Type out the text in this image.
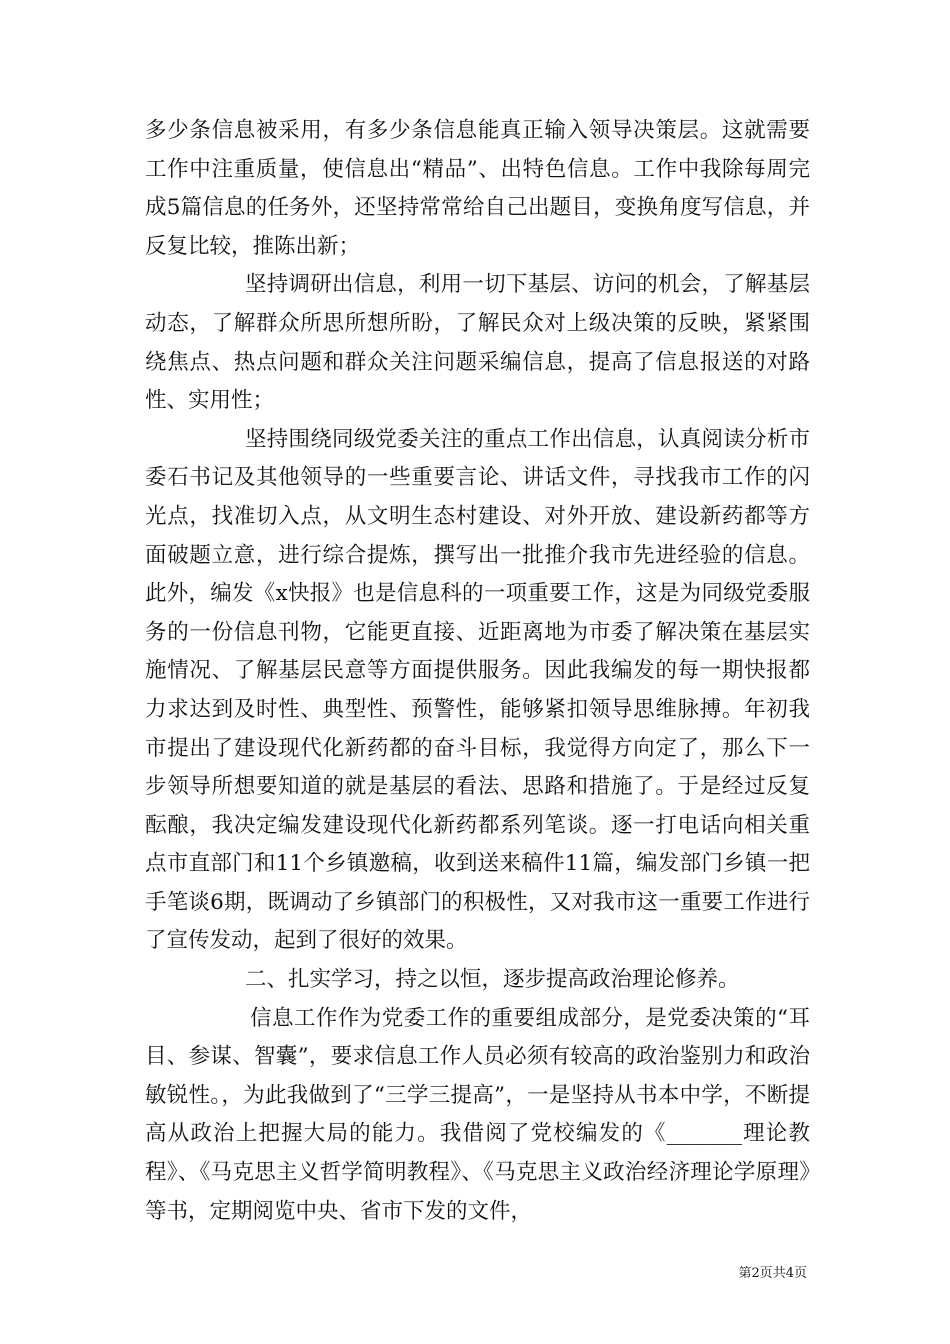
多少条信息被采用，有多少条信息能真正输入领导决策层。这就需要工作中注重质量，使信息出“精品”、出特色信息。工作中我除每周完成5篇信息的任务外，还坚持常常给自己出题目，变换角度写信息，并反复比较，推陈出新；

坚持调研出信息，利用一切下基层、访问的机会，了解基层动态，了解群众所思所想所盼，了解民众对上级决策的反映，紧紧围绕焦点、热点问题和群众关注问题采编信息，提高了信息报送的对路性、实用性；

坚持围绕同级党委关注的重点工作出信息，认真阅读分析市委石书记及其他领导的一些重要言论、讲话文件，寻找我市工作的闪光点，找准切入点，从文明生态村建设、对外开放、建设新药都等方面破题立意，进行综合提炼，撰写出一批推介我市先进经验的信息。此外，编发《x快报》也是信息科的一项重要工作，这是为同级党委服务的一份信息刊物，它能更直接、近距离地为市委了解决策在基层实施情况、了解基层民意等方面提供服务。因此我编发的每一期快报都力求达到及时性、典型性、预警性，能够紧扣领导思维脉搏。年初我市提出了建设现代化新药都的奋斗目标，我觉得方向定了，那么下一步领导所想要知道的就是基层的看法、思路和措施了。于是经过反复酝酿，我决定编发建设现代化新药都系列笔谈。逐一打电话向相关重点市直部门和11个乡镇邀稿，收到送来稿件11篇，编发部门乡镇一把手笔谈6期，既调动了乡镇部门的积极性，又对我市这一重要工作进行了宣传发动，起到了很好的效果。

二、扎实学习，持之以恒，逐步提高政治理论修养。

信息工作作为党委工作的重要组成部分，是党委决策的“耳目、参谋、智囊”，要求信息工作人员必须有较高的政治鉴别力和政治敏锐性。，为此我做到了“三学三提高”，一是坚持从书本中学，不断提高从政治上把握大局的能力。我借阅了党校编发的《_______理论教程》、《马克思主义哲学简明教程》、《马克思主义政治经济理论学原理》等书，定期阅览中央、省市下发的文件，

第2页共4页
